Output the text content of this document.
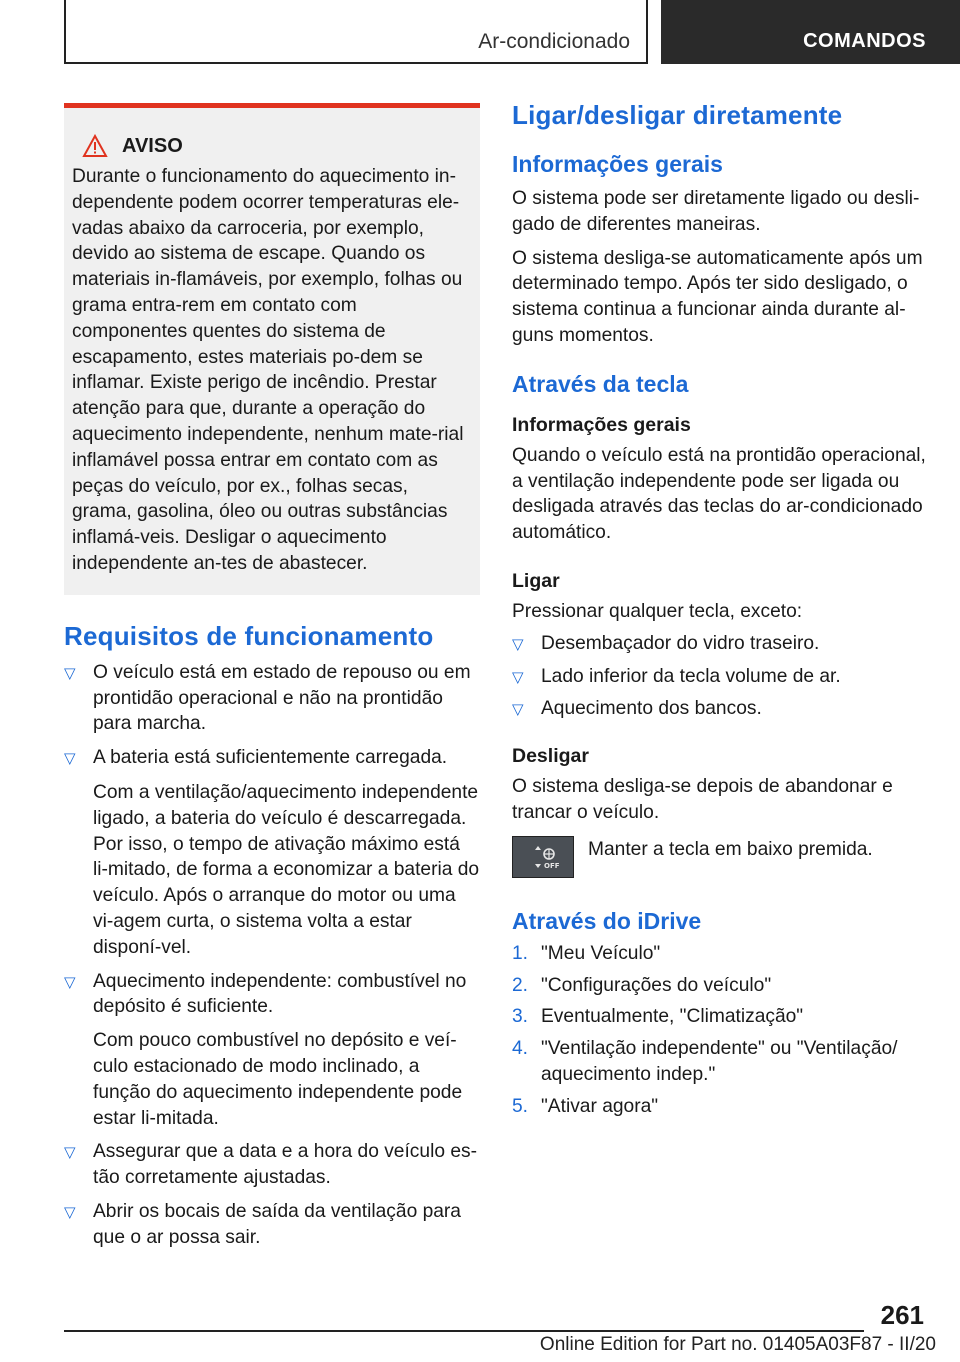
Ar-condicionado	COMANDOS
AVISO
Durante o funcionamento do aquecimento in-dependente podem ocorrer temperaturas ele-vadas abaixo da carroceria, por exemplo, devido ao sistema de escape. Quando os materiais in-flamáveis, por exemplo, folhas ou grama entra-rem em contato com componentes quentes do sistema de escapamento, estes materiais po-dem se inflamar. Existe perigo de incêndio. Prestar atenção para que, durante a operação do aquecimento independente, nenhum mate-rial inflamável possa entrar em contato com as peças do veículo, por ex., folhas secas, grama, gasolina, óleo ou outras substâncias inflamá-veis. Desligar o aquecimento independente an-tes de abastecer.
Requisitos de funcionamento
▽ O veículo está em estado de repouso ou em prontidão operacional e não na prontidão para marcha.
▽ A bateria está suficientemente carregada.
Com a ventilação/aquecimento independente ligado, a bateria do veículo é descarregada. Por isso, o tempo de ativação máximo está li-mitado, de forma a economizar a bateria do veículo. Após o arranque do motor ou uma vi-agem curta, o sistema volta a estar disponí-vel.
▽ Aquecimento independente: combustível no depósito é suficiente.
Com pouco combustível no depósito e veí-culo estacionado de modo inclinado, a função do aquecimento independente pode estar li-mitada.
▽ Assegurar que a data e a hora do veículo es-tão corretamente ajustadas.
▽ Abrir os bocais de saída da ventilação para que o ar possa sair.
Ligar/desligar diretamente
Informações gerais
O sistema pode ser diretamente ligado ou desli-gado de diferentes maneiras.
O sistema desliga-se automaticamente após um determinado tempo. Após ter sido desligado, o sistema continua a funcionar ainda durante al-guns momentos.
Através da tecla
Informações gerais
Quando o veículo está na prontidão operacional, a ventilação independente pode ser ligada ou desligada através das teclas do ar-condicionado automático.
Ligar
Pressionar qualquer tecla, exceto:
▽ Desembaçador do vidro traseiro.
▽ Lado inferior da tecla volume de ar.
▽ Aquecimento dos bancos.
Desligar
O sistema desliga-se depois de abandonar e trancar o veículo.
OFF
Manter a tecla em baixo premida.
Através do iDrive
1. "Meu Veículo"
2. "Configurações do veículo"
3. Eventualmente, "Climatização"
4. "Ventilação independente" ou "Ventilação/ aquecimento indep."
5. "Ativar agora"
261
Online Edition for Part no. 01405A03F87 - II/20
